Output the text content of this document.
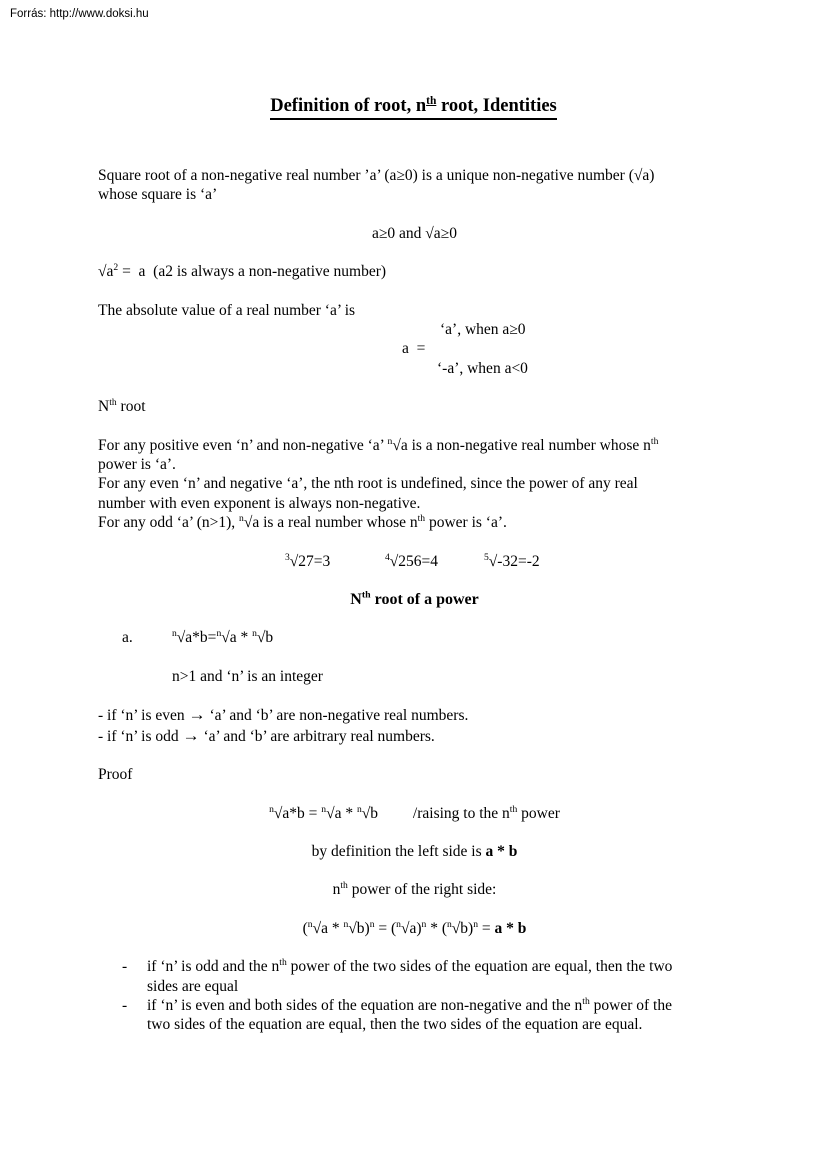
Forrás: http://www.doksi.hu
Definition of root, $n^{th}$ root, Identities

Square root of a non-negative real number ’a’ (a≥0) is a unique non-negative number (√a)
whose square is ‘a’

a≥0 and √a≥0

$√a^2 = a$  (a2 is always a non-negative number)

The absolute value of a real number ‘a’ is

‘a’, when a≥0
a  =
‘-a’, when a<0

$N^{th}$ root

For any positive even ‘n’ and non-negative ‘a’ $^n$√a is a non-negative real number whose $n^{th}$
power is ‘a’.
For any even ‘n’ and negative ‘a’, the nth root is undefined, since the power of any real
number with even exponent is always non-negative.
For any odd ‘a’ (n>1), $^n$√a is a real number whose $n^{th}$ power is ‘a’.

$^3$√27=3	$^4$√256=4	$^5$√-32=-2

$N^{th}$ root of a power

a.	$^n$√a*b=$^n$√a * $^n$√b

n>1 and ‘n’ is an integer

- if ‘n’ is even → ‘a’ and ‘b’ are non-negative real numbers.
- if ‘n’ is odd → ‘a’ and ‘b’ are arbitrary real numbers.

Proof

$^n$√a*b = $^n$√a * $^n$√b         /raising to the $n^{th}$ power

by definition the left side is a * b

$n^{th}$ power of the right side:

$(^n√a * ^n√b)^n = (^n√a)^n * (^n√b)^n = a * b$

-	if ‘n’ is odd and the $n^{th}$ power of the two sides of the equation are equal, then the two
sides are equal
-	if ‘n’ is even and both sides of the equation are non-negative and the $n^{th}$ power of the
two sides of the equation are equal, then the two sides of the equation are equal.
